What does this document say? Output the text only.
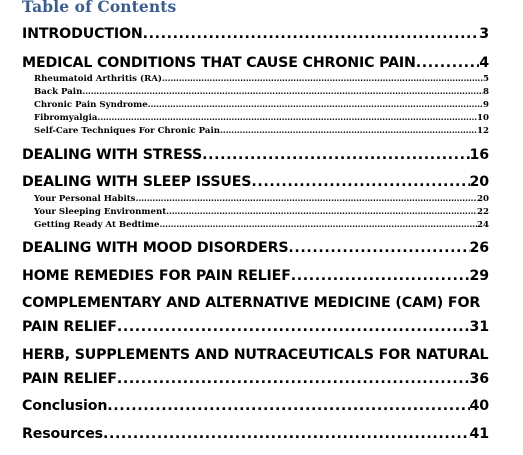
Table of Contents
INTRODUCTION .....	3
MEDICAL CONDITIONS THAT CAUSE CHRONIC PAIN .....	4
Rheumatoid Arthritis (RA) .....	5
Back Pain .....	8
Chronic Pain Syndrome .....	9
Fibromyalgia .....	10
Self-Care Techniques For Chronic Pain .....	12
DEALING WITH STRESS .....	16
DEALING WITH SLEEP ISSUES .....	20
Your Personal Habits .....	20
Your Sleeping Environment .....	22
Getting Ready At Bedtime .....	24
DEALING WITH MOOD DISORDERS .....	26
HOME REMEDIES FOR PAIN RELIEF .....	29
COMPLEMENTARY AND ALTERNATIVE MEDICINE (CAM) FOR
PAIN RELIEF .....	31
HERB, SUPPLEMENTS AND NUTRACEUTICALS FOR NATURAL
PAIN RELIEF .....	36
Conclusion .....	40
Resources .....	41
